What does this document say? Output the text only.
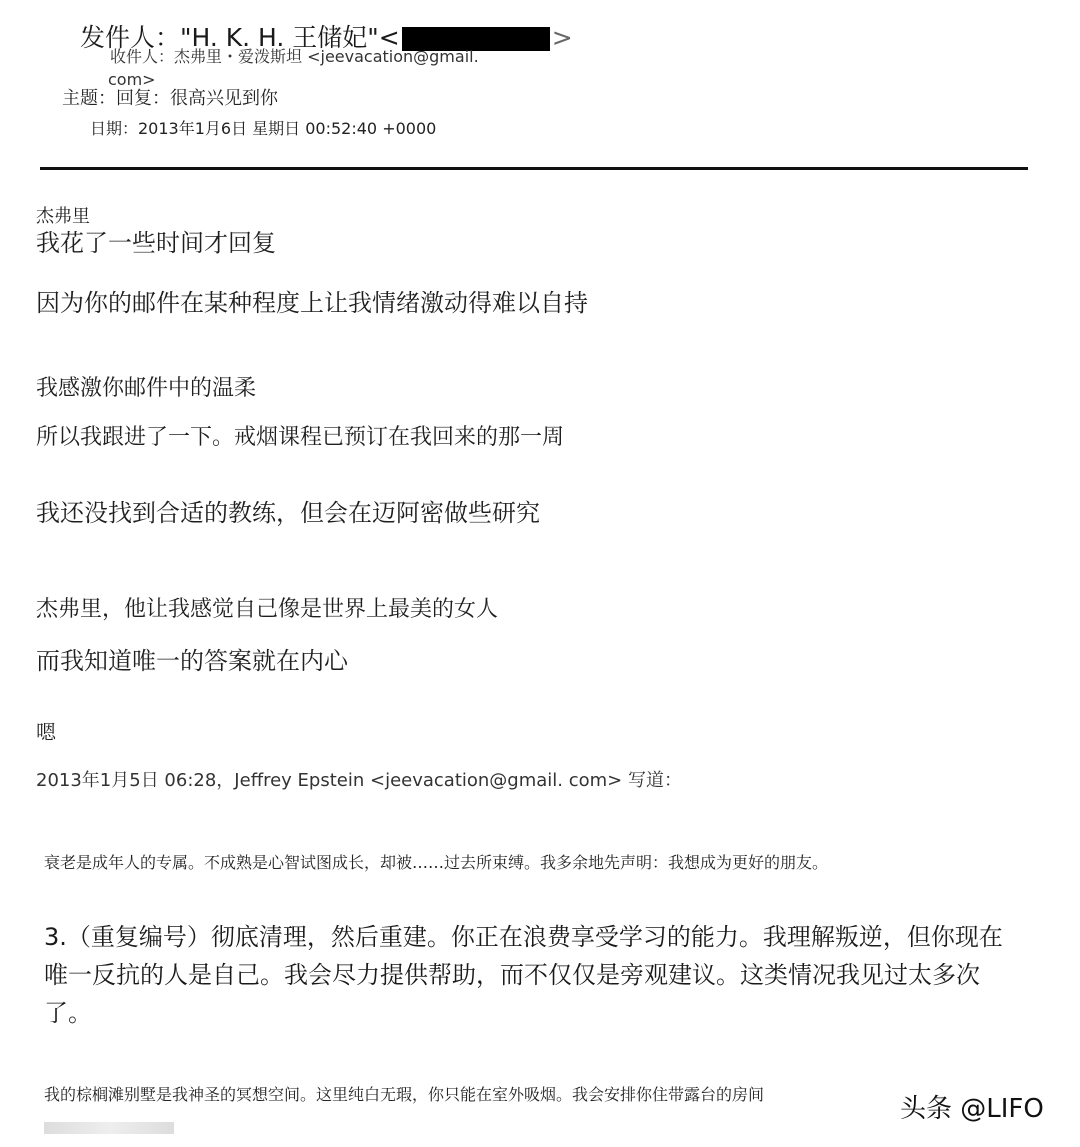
发件人："H. K. H. 王储妃"<	>
收件人：杰弗里・爱泼斯坦 <jeevacation@gmail.
com>
主题：回复：很高兴见到你
日期：2013年1月6日 星期日 00:52:40 +0000
杰弗里
我花了一些时间才回复
因为你的邮件在某种程度上让我情绪激动得难以自持
我感激你邮件中的温柔
所以我跟进了一下。戒烟课程已预订在我回来的那一周
我还没找到合适的教练，但会在迈阿密做些研究
杰弗里，他让我感觉自己像是世界上最美的女人
而我知道唯一的答案就在内心
嗯
2013年1月5日 06:28，Jeffrey Epstein <jeevacation@gmail. com> 写道：
衰老是成年人的专属。不成熟是心智试图成长，却被……过去所束缚。我多余地先声明：我想成为更好的朋友。
3.（重复编号）彻底清理，然后重建。你正在浪费享受学习的能力。我理解叛逆，但你现在唯一反抗的人是自己。我会尽力提供帮助，而不仅仅是旁观建议。这类情况我见过太多次了。
我的棕榈滩别墅是我神圣的冥想空间。这里纯白无瑕，你只能在室外吸烟。我会安排你住带露台的房间	头条 @LIFO
